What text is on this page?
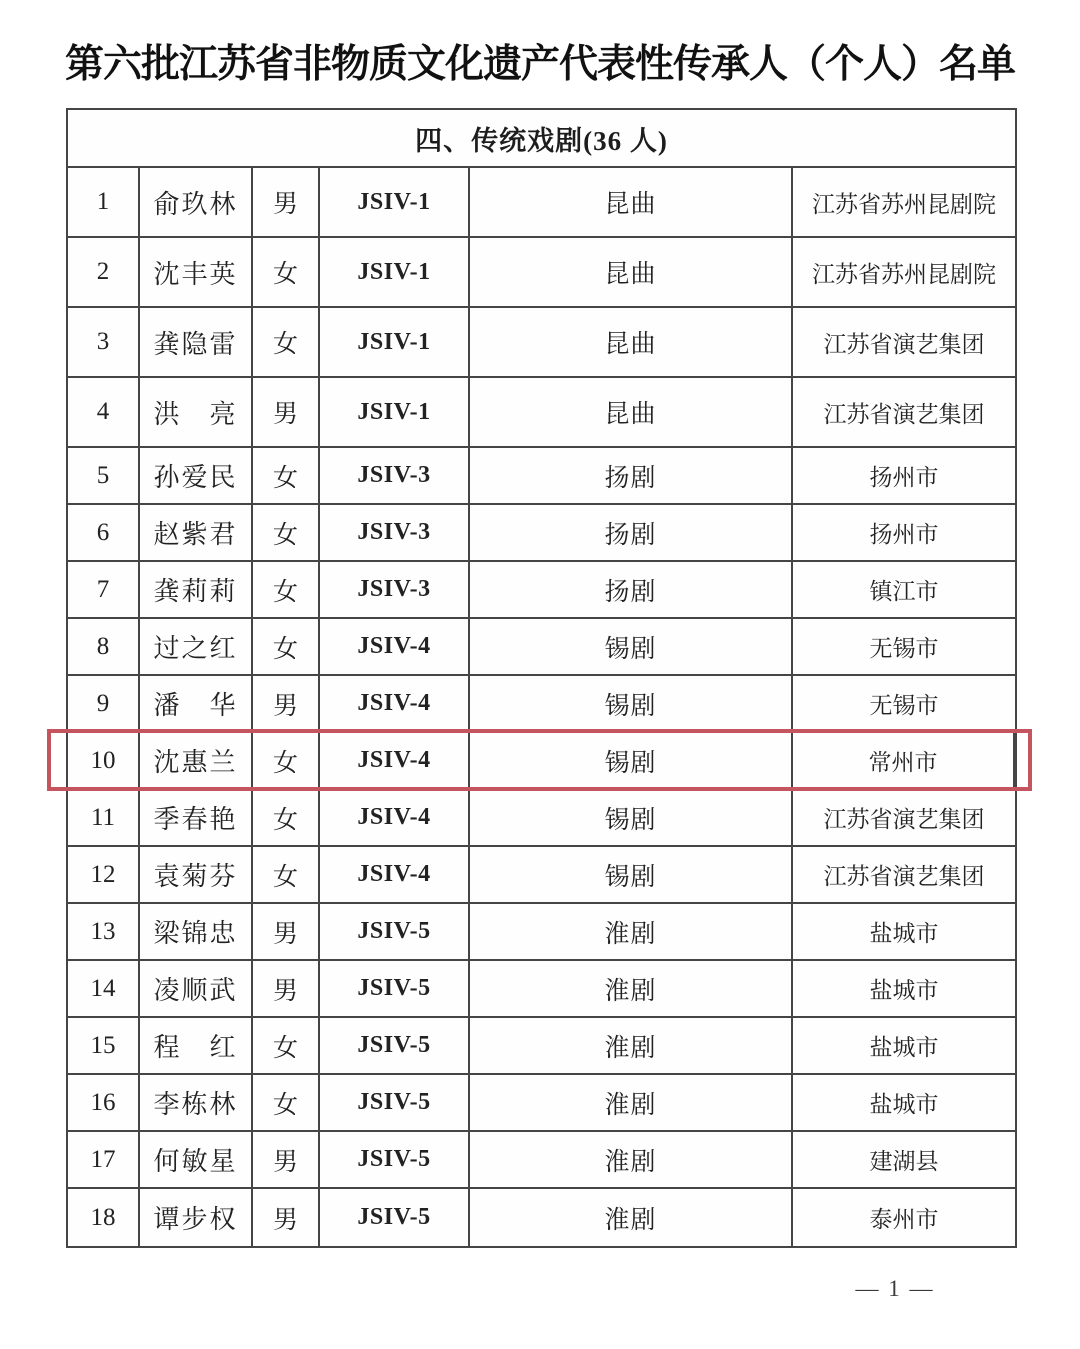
第六批江苏省非物质文化遗产代表性传承人（个人）名单
四、传统戏剧(36 人)
1	俞玖林	男	JSIV-1	昆曲	江苏省苏州昆剧院
2	沈丰英	女	JSIV-1	昆曲	江苏省苏州昆剧院
3	龚隐雷	女	JSIV-1	昆曲	江苏省演艺集团
4	洪　亮	男	JSIV-1	昆曲	江苏省演艺集团
5	孙爱民	女	JSIV-3	扬剧	扬州市
6	赵紫君	女	JSIV-3	扬剧	扬州市
7	龚莉莉	女	JSIV-3	扬剧	镇江市
8	过之红	女	JSIV-4	锡剧	无锡市
9	潘　华	男	JSIV-4	锡剧	无锡市
10	沈惠兰	女	JSIV-4	锡剧	常州市
11	季春艳	女	JSIV-4	锡剧	江苏省演艺集团
12	袁菊芬	女	JSIV-4	锡剧	江苏省演艺集团
13	梁锦忠	男	JSIV-5	淮剧	盐城市
14	凌顺武	男	JSIV-5	淮剧	盐城市
15	程　红	女	JSIV-5	淮剧	盐城市
16	李栋林	女	JSIV-5	淮剧	盐城市
17	何敏星	男	JSIV-5	淮剧	建湖县
18	谭步权	男	JSIV-5	淮剧	泰州市
— 1 —
